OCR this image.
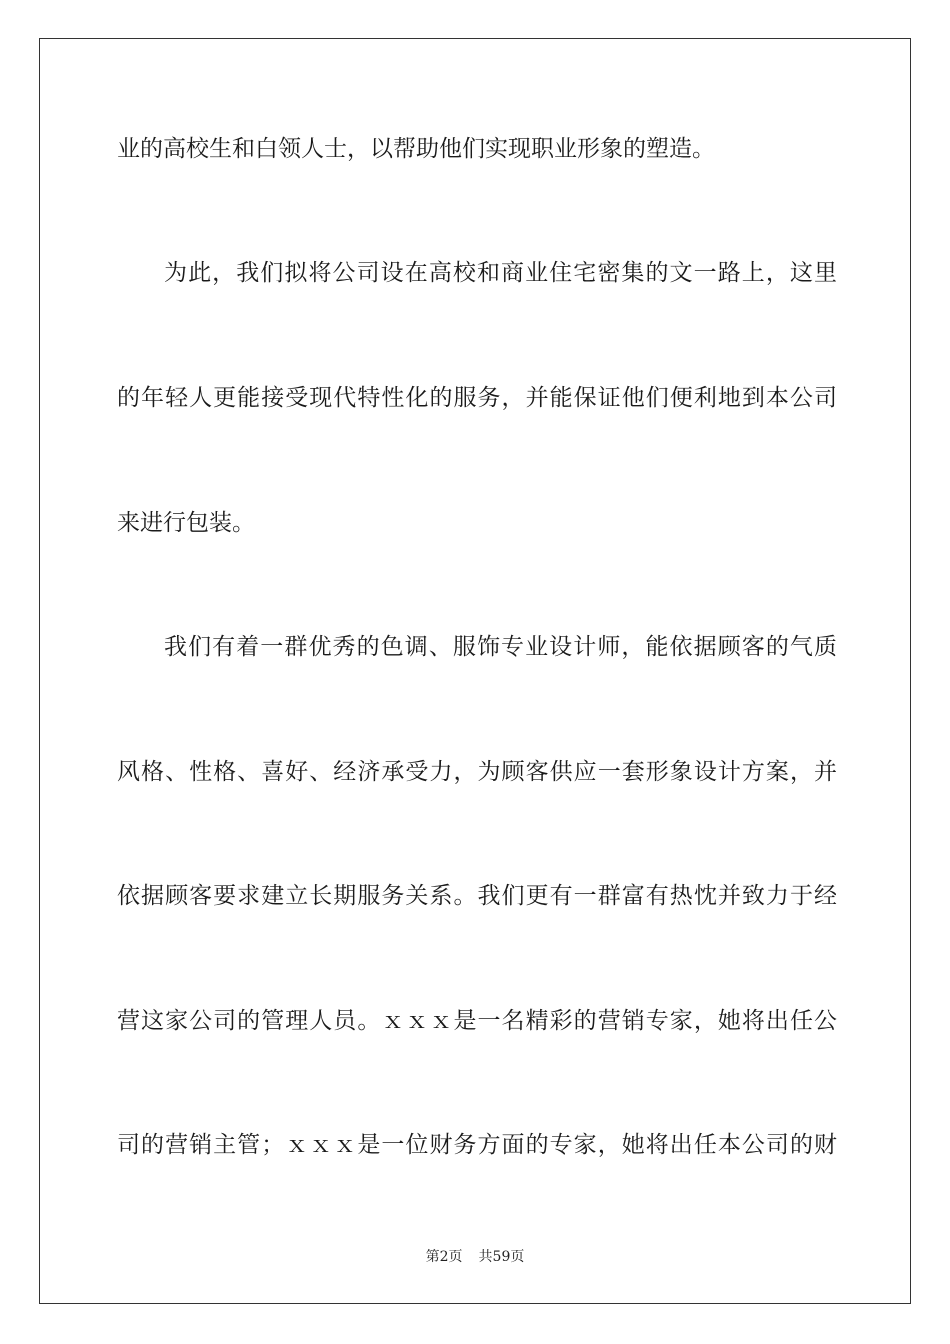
业的高校生和白领人士，以帮助他们实现职业形象的塑造。
为此，我们拟将公司设在高校和商业住宅密集的文一路上，这里
的年轻人更能接受现代特性化的服务，并能保证他们便利地到本公司
来进行包装。
我们有着一群优秀的色调、服饰专业设计师，能依据顾客的气质
风格、性格、喜好、经济承受力，为顾客供应一套形象设计方案，并
依据顾客要求建立长期服务关系。我们更有一群富有热忱并致力于经
营这家公司的管理人员。ｘｘｘ是一名精彩的营销专家，她将出任公
司的营销主管；ｘｘｘ是一位财务方面的专家，她将出任本公司的财
第2页 共59页
